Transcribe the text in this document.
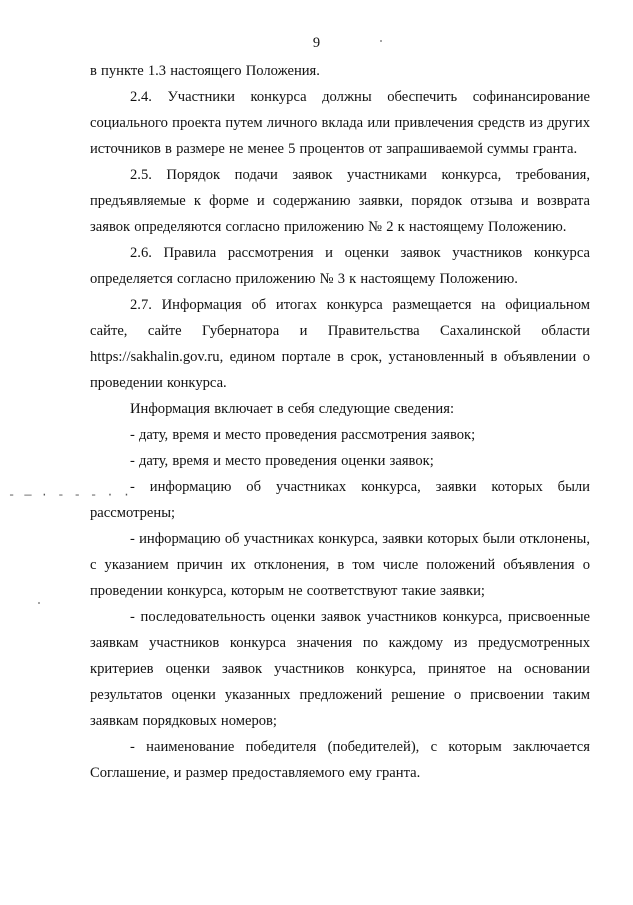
9
- — · - - - · ·

в пункте 1.3 настоящего Положения.

2.4. Участники конкурса должны обеспечить софинансирование социального проекта путем личного вклада или привлечения средств из других источников в размере не менее 5 процентов от запрашиваемой суммы гранта.

2.5. Порядок подачи заявок участниками конкурса, требования, предъявляемые к форме и содержанию заявки, порядок отзыва и возврата заявок определяются согласно приложению № 2 к настоящему Положению.

2.6. Правила рассмотрения и оценки заявок участников конкурса определяется согласно приложению № 3 к настоящему Положению.

2.7. Информация об итогах конкурса размещается на официальном сайте, сайте Губернатора и Правительства Сахалинской области https://sakhalin.gov.ru, едином портале в срок, установленный в объявлении о проведении конкурса.

Информация включает в себя следующие сведения:

- дату, время и место проведения рассмотрения заявок;

- дату, время и место проведения оценки заявок;

- информацию об участниках конкурса, заявки которых были рассмотрены;

- информацию об участниках конкурса, заявки которых были отклонены, с указанием причин их отклонения, в том числе положений объявления о проведении конкурса, которым не соответствуют такие заявки;

- последовательность оценки заявок участников конкурса, присвоенные заявкам участников конкурса значения по каждому из предусмотренных критериев оценки заявок участников конкурса, принятое на основании результатов оценки указанных предложений решение о присвоении таким заявкам порядковых номеров;

- наименование победителя (победителей), с которым заключается Соглашение, и размер предоставляемого ему гранта.
